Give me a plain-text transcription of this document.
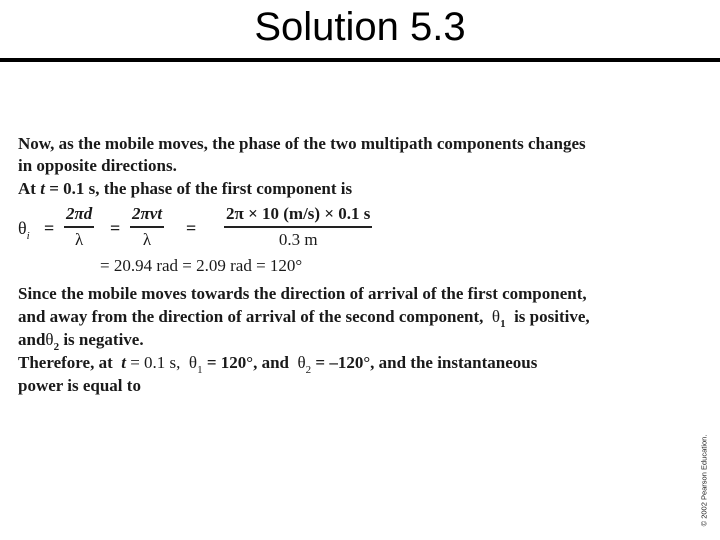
Solution 5.3
Now, as the mobile moves, the phase of the two multipath components changes
in opposite directions.
At t = 0.1 s, the phase of the first component is
$\theta_i$ =
2πd
λ
=
2πvt
λ
=
2π × 10 (m/s) × 0.1 s
0.3 m
= 20.94 rad = 2.09 rad = 120°
Since the mobile moves towards the direction of arrival of the first component,
and away from the direction of arrival of the second component, $\theta_1$ is positive,
andθ$_2$ is negative.
Therefore, at t = 0.1 s, $\theta_1 = 120^\circ$, and $\theta_2 = -120^\circ$, and the instantaneous
power is equal to
© 2002 Pearson Education.
